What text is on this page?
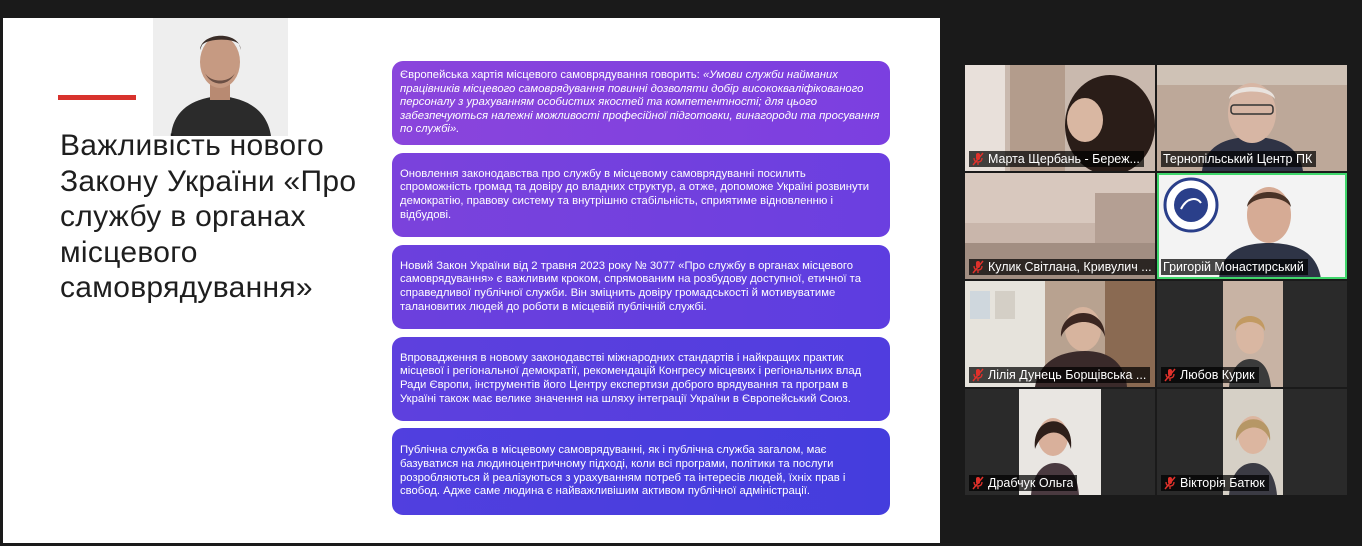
Важливість нового Закону України «Про службу в органах місцевого самоврядування»
Європейська хартія місцевого самоврядування говорить: «Умови служби найманих працівників місцевого самоврядування повинні дозволяти добір висококваліфікованого персоналу з урахуванням особистих якостей та компетентності; для цього забезпечуються належні можливості професійної підготовки, винагороди та просування по службі».
Оновлення законодавства про службу в місцевому самоврядуванні посилить спроможність громад та довіру до владних структур, а отже, допоможе Україні розвинути демократію, правову систему та внутрішню стабільність, сприятиме відновленню і відбудові.
Новий Закон України від 2 травня 2023 року № 3077 «Про службу в органах місцевого самоврядування» є важливим кроком, спрямованим на розбудову доступної, етичної та справедливої публічної служби. Він зміцнить довіру громадськості й мотивуватиме талановитих людей до роботи в місцевій публічній службі.
Впровадження в новому законодавстві міжнародних стандартів і найкращих практик місцевої і регіональної демократії, рекомендацій Конгресу місцевих і регіональних влад Ради Європи, інструментів його Центру експертизи доброго врядування та програм в Україні також має велике значення на шляху інтеграції України в Європейський Союз.
Публічна служба в місцевому самоврядуванні, як і публічна служба загалом, має базуватися на людиноцентричному підході, коли всі програми, політики та послуги розробляються й реалізуються з урахуванням потреб та інтересів людей, їхніх прав і свобод. Адже саме людина є найважливішим активом публічної адміністрації.
Марта Щербань - Береж... Тернопільський Центр ПК
Кулик Світлана, Кривулич ... Григорій Монастирський
Лілія Дунець Борщівська ...	Любов Курик
Драбчук Ольга	Вікторія Батюк
